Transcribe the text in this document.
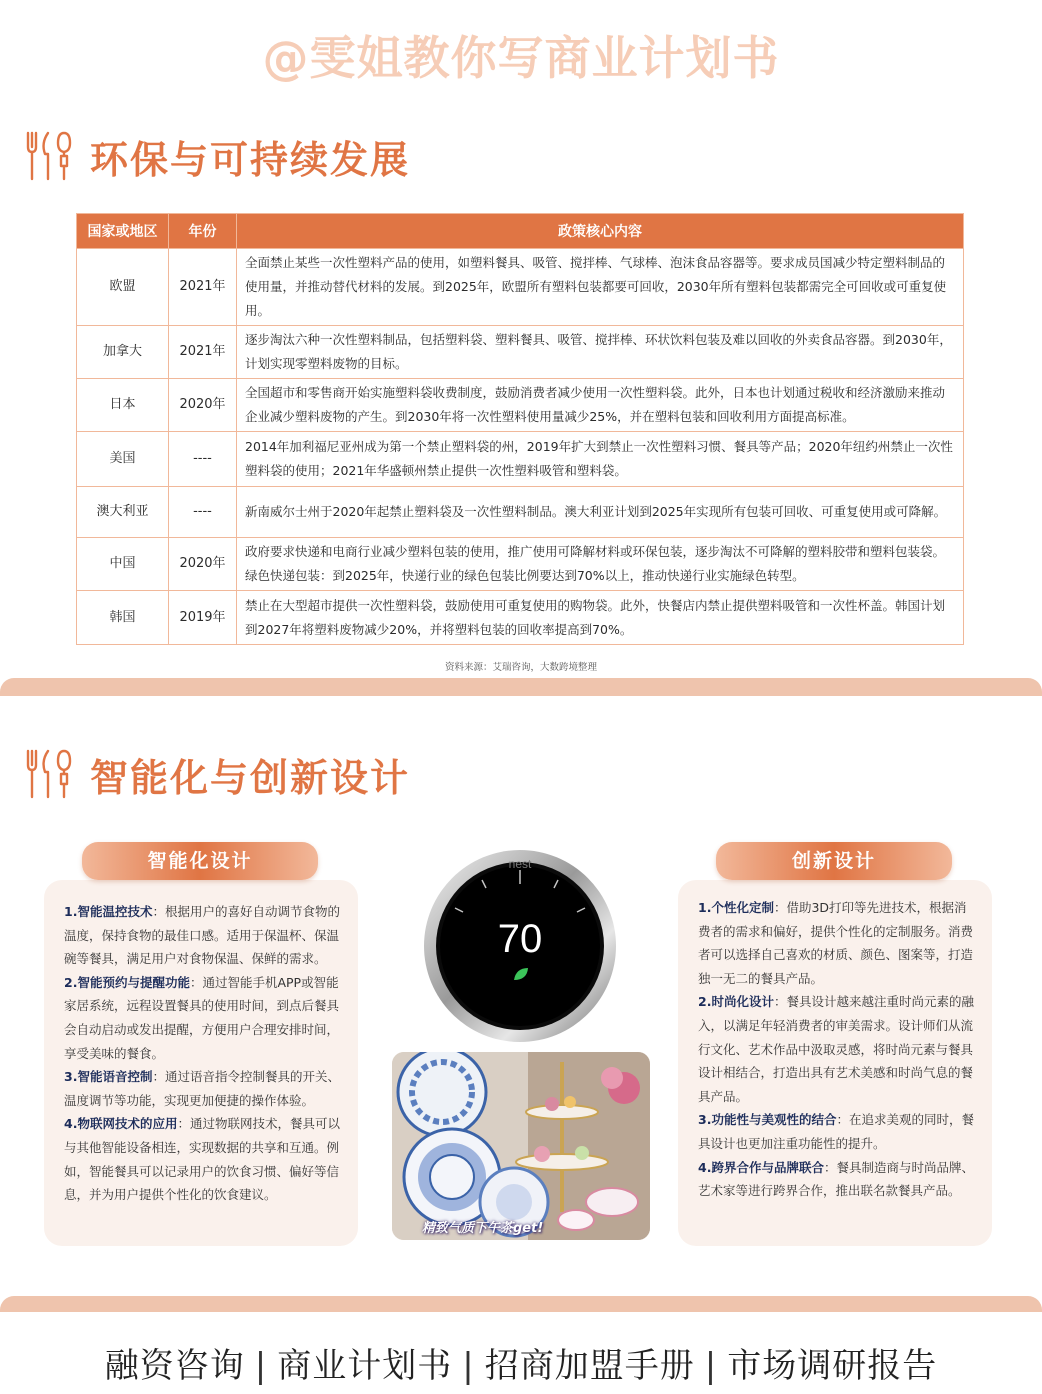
@雯姐教你写商业计划书
环保与可持续发展
国家或地区	年份	政策核心内容
欧盟	2021年	全面禁止某些一次性塑料产品的使用，如塑料餐具、吸管、搅拌棒、气球棒、泡沫食品容器等。要求成员国减少特定塑料制品的使用量，并推动替代材料的发展。到2025年，欧盟所有塑料包装都要可回收，2030年所有塑料包装都需完全可回收或可重复使用。
加拿大	2021年	逐步淘汰六种一次性塑料制品，包括塑料袋、塑料餐具、吸管、搅拌棒、环状饮料包装及难以回收的外卖食品容器。到2030年，计划实现零塑料废物的目标。
日本	2020年	全国超市和零售商开始实施塑料袋收费制度，鼓励消费者减少使用一次性塑料袋。此外，日本也计划通过税收和经济激励来推动企业减少塑料废物的产生。到2030年将一次性塑料使用量减少25%，并在塑料包装和回收利用方面提高标准。
美国	----	2014年加利福尼亚州成为第一个禁止塑料袋的州，2019年扩大到禁止一次性塑料习惯、餐具等产品；2020年纽约州禁止一次性塑料袋的使用；2021年华盛顿州禁止提供一次性塑料吸管和塑料袋。
澳大利亚	----	新南威尔士州于2020年起禁止塑料袋及一次性塑料制品。澳大利亚计划到2025年实现所有包装可回收、可重复使用或可降解。
中国	2020年	政府要求快递和电商行业减少塑料包装的使用，推广使用可降解材料或环保包装，逐步淘汰不可降解的塑料胶带和塑料包装袋。绿色快递包装：到2025年，快递行业的绿色包装比例要达到70%以上，推动快递行业实施绿色转型。
韩国	2019年	禁止在大型超市提供一次性塑料袋，鼓励使用可重复使用的购物袋。此外，快餐店内禁止提供塑料吸管和一次性杯盖。韩国计划到2027年将塑料废物减少20%，并将塑料包装的回收率提高到70%。
资料来源：艾瑞咨询，大数跨境整理
智能化与创新设计

1.智能温控技术：根据用户的喜好自动调节食物的温度，保持食物的最佳口感。适用于保温杯、保温碗等餐具，满足用户对食物保温、保鲜的需求。

2.智能预约与提醒功能：通过智能手机APP或智能家居系统，远程设置餐具的使用时间，到点后餐具会自动启动或发出提醒，方便用户合理安排时间，享受美味的餐食。

3.智能语音控制：通过语音指令控制餐具的开关、温度调节等功能，实现更加便捷的操作体验。

4.物联网技术的应用：通过物联网技术，餐具可以与其他智能设备相连，实现数据的共享和互通。例如，智能餐具可以记录用户的饮食习惯、偏好等信息，并为用户提供个性化的饮食建议。

智能化设计

1.个性化定制：借助3D打印等先进技术，根据消费者的需求和偏好，提供个性化的定制服务。消费者可以选择自己喜欢的材质、颜色、图案等，打造独一无二的餐具产品。

2.时尚化设计：餐具设计越来越注重时尚元素的融入，以满足年轻消费者的审美需求。设计师们从流行文化、艺术作品中汲取灵感，将时尚元素与餐具设计相结合，打造出具有艺术美感和时尚气息的餐具产品。

3.功能性与美观性的结合：在追求美观的同时，餐具设计也更加注重功能性的提升。

4.跨界合作与品牌联合：餐具制造商与时尚品牌、艺术家等进行跨界合作，推出联名款餐具产品。

创新设计
nest
70
精致气质下午茶get!
融资咨询 | 商业计划书 | 招商加盟手册 | 市场调研报告
